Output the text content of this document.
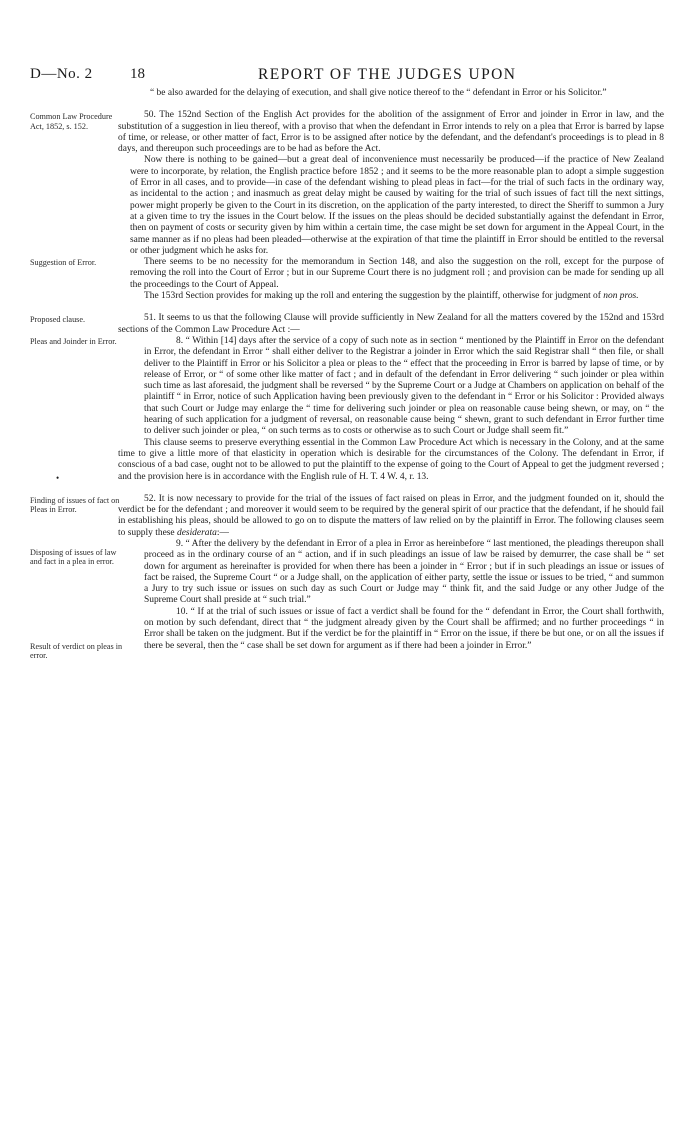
D—No. 2 18	REPORT OF THE JUDGES UPON

“ be also awarded for the delaying of execution, and shall give notice thereof to the “ defendant in Error or his Solicitor.”

Common Law Procedure Act, 1852, s. 152.
Suggestion of Error.

50. The 152nd Section of the English Act provides for the abolition of the assignment of Error and joinder in Error in law, and the substitution of a suggestion in lieu thereof, with a proviso that when the defendant in Error intends to rely on a plea that Error is barred by lapse of time, or release, or other matter of fact, Error is to be assigned after notice by the defendant, and the defendant's proceedings is to plead in 8 days, and thereupon such proceedings are to be had as before the Act.

Now there is nothing to be gained—but a great deal of inconvenience must necessarily be produced—if the practice of New Zealand were to incorporate, by relation, the English practice before 1852 ; and it seems to be the more reasonable plan to adopt a simple suggestion of Error in all cases, and to provide—in case of the defendant wishing to plead pleas in fact—for the trial of such facts in the ordinary way, as incidental to the action ; and inasmuch as great delay might be caused by waiting for the trial of such issues of fact till the next sittings, power might properly be given to the Court in its discretion, on the application of the party interested, to direct the Sheriff to summon a Jury at a given time to try the issues in the Court below. If the issues on the pleas should be decided substantially against the defendant in Error, then on payment of costs or security given by him within a certain time, the case might be set down for argument in the Appeal Court, in the same manner as if no pleas had been pleaded—otherwise at the expiration of that time the plaintiff in Error should be entitled to the reversal or other judgment which he asks for.

There seems to be no necessity for the memorandum in Section 148, and also the suggestion on the roll, except for the purpose of removing the roll into the Court of Error ; but in our Supreme Court there is no judgment roll ; and provision can be made for sending up all the proceedings to the Court of Appeal.

The 153rd Section provides for making up the roll and entering the suggestion by the plaintiff, otherwise for judgment of non pros.

Proposed clause.
Pleas and Joinder in Error.
•

51. It seems to us that the following Clause will provide sufficiently in New Zealand for all the matters covered by the 152nd and 153rd sections of the Common Law Procedure Act :—

8. “ Within [14] days after the service of a copy of such note as in section “ mentioned by the Plaintiff in Error on the defendant in Error, the defendant in Error “ shall either deliver to the Registrar a joinder in Error which the said Registrar shall “ then file, or shall deliver to the Plaintiff in Error or his Solicitor a plea or pleas to the “ effect that the proceeding in Error is barred by lapse of time, or by release of Error, or “ of some other like matter of fact ; and in default of the defendant in Error delivering “ such joinder or plea within such time as last aforesaid, the judgment shall be reversed “ by the Supreme Court or a Judge at Chambers on application on behalf of the plaintiff “ in Error, notice of such Application having been previously given to the defendant in “ Error or his Solicitor : Provided always that such Court or Judge may enlarge the “ time for delivering such joinder or plea on reasonable cause being shewn, or may, on “ the hearing of such application for a judgment of reversal, on reasonable cause being “ shewn, grant to such defendant in Error further time to deliver such joinder or plea, “ on such terms as to costs or otherwise as to such Court or Judge shall seem fit.”

This clause seems to preserve everything essential in the Common Law Procedure Act which is necessary in the Colony, and at the same time to give a little more of that elasticity in operation which is desirable for the circumstances of the Colony. The defendant in Error, if conscious of a bad case, ought not to be allowed to put the plaintiff to the expense of going to the Court of Appeal to get the judgment reversed ; and the provision here is in accordance with the English rule of H. T. 4 W. 4, r. 13.

Finding of issues of fact on Pleas in Error.
Disposing of issues of law and fact in a plea in error.
Result of verdict on pleas in error.

52. It is now necessary to provide for the trial of the issues of fact raised on pleas in Error, and the judgment founded on it, should the verdict be for the defendant ; and moreover it would seem to be required by the general spirit of our practice that the defendant, if he should fail in establishing his pleas, should be allowed to go on to dispute the matters of law relied on by the plaintiff in Error. The following clauses seem to supply these desiderata:—

9. “ After the delivery by the defendant in Error of a plea in Error as hereinbefore “ last mentioned, the pleadings thereupon shall proceed as in the ordinary course of an “ action, and if in such pleadings an issue of law be raised by demurrer, the case shall be “ set down for argument as hereinafter is provided for when there has been a joinder in “ Error ; but if in such pleadings an issue or issues of fact be raised, the Supreme Court “ or a Judge shall, on the application of either party, settle the issue or issues to be tried, “ and summon a Jury to try such issue or issues on such day as such Court or Judge may “ think fit, and the said Judge or any other Judge of the Supreme Court shall preside at “ such trial.”

10. “ If at the trial of such issues or issue of fact a verdict shall be found for the “ defendant in Error, the Court shall forthwith, on motion by such defendant, direct that “ the judgment already given by the Court shall be affirmed; and no further proceedings “ in Error shall be taken on the judgment. But if the verdict be for the plaintiff in “ Error on the issue, if there be but one, or on all the issues if there be several, then the “ case shall be set down for argument as if there had been a joinder in Error.”
